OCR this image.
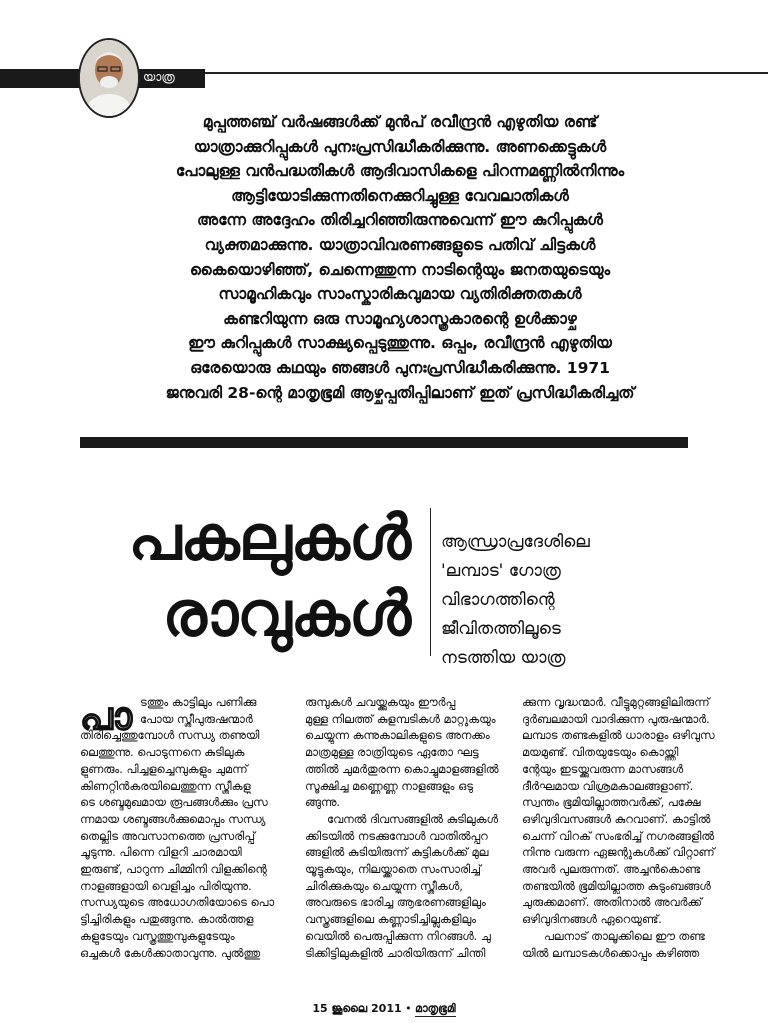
യാത്ര
മുപ്പത്തഞ്ച് വർഷങ്ങൾക്ക് മുൻപ് രവീന്ദ്രൻ എഴുതിയ രണ്ട്
യാത്രാക്കുറിപ്പുകൾ പുനഃപ്രസിദ്ധീകരിക്കുന്നു. അണക്കെട്ടുകൾ
പോലുള്ള വൻപദ്ധതികൾ ആദിവാസികളെ പിറന്നമണ്ണിൽനിന്നും
ആട്ടിയോടിക്കുന്നതിനെക്കുറിച്ചുള്ള വേവലാതികൾ
അന്നേ അദ്ദേഹം തിരിച്ചറിഞ്ഞിരുന്നുവെന്ന് ഈ കുറിപ്പുകൾ
വ്യക്തമാക്കുന്നു. യാത്രാവിവരണങ്ങളുടെ പതിവ് ചിട്ടകൾ
കൈയൊഴിഞ്ഞ്, ചെന്നെത്തുന്ന നാടിന്റെയും ജനതയുടെയും
സാമൂഹികവും സാംസ്കാരികവുമായ വ്യതിരിക്തതകൾ
കണ്ടറിയുന്ന ഒരു സാമൂഹ്യശാസ്ത്രകാരന്റെ ഉൾക്കാഴ്ച
ഈ കുറിപ്പുകൾ സാക്ഷ്യപ്പെടുത്തുന്നു. ഒപ്പം, രവീന്ദ്രൻ എഴുതിയ
ഒരേയൊരു കഥയും ഞങ്ങൾ പുനഃപ്രസിദ്ധീകരിക്കുന്നു. 1971
ജനുവരി 28-ന്റെ മാതൃഭൂമി ആഴ്ചപ്പതിപ്പിലാണ് ഇത് പ്രസിദ്ധീകരിച്ചത്
പകലുകൾ
രാവുകൾ
ആന്ധ്രാപ്രദേശിലെ
'ലമ്പാട' ഗോത്ര
വിഭാഗത്തിന്റെ
ജീവിതത്തിലൂടെ
നടത്തിയ യാത്ര
പാ ടത്തും കാട്ടിലും പണിക്കു
പോയ സ്ത്രീപുരുഷന്മാർ
തിരിച്ചെത്തുമ്പോൾ സന്ധ്യ തണുയി
ലെത്തുന്നു. പൊടുന്നനെ കുടിലുക
ളുണരും. പിച്ചളച്ചെമ്പുകളും ചുമന്ന്
കിണറ്റിൻകരയിലെത്തുന്ന സ്ത്രീകളു
ടെ ശബ്ദമുഖമായ രൂപങ്ങൾക്കും പ്രസ
ന്നമായ ശബ്ദങ്ങൾക്കുമൊപ്പം സന്ധ്യ
തെല്ലിട അവസാനത്തെ പ്രസരിപ്പ്
ചൂടുന്നു. പിന്നെ വിളറി ചാരമായി
ഇരുണ്ട്, പാറുന്ന ചിമ്മിനി വിളക്കിന്റെ
നാളങ്ങളായി വെളിച്ചം പിരിയുന്നു.
സന്ധ്യയുടെ അധോഗതിയോടെ പൊ
ട്ടിച്ചിരികളും പതുങ്ങുന്നു. കാൽത്തള
കളുടേയും വസ്ത്രത്തുമ്പുകളുടേയും
ഒച്ചകൾ കേൾക്കാതാവുന്നു. പുൽത്തു
രുമ്പുകൾ ചവയ്ക്കുകയും ഈർപ്പ
മുള്ള നിലത്ത് കുളമ്പടികൾ മാറ്റുകയും
ചെയ്യുന്ന കന്നുകാലികളുടെ അനക്കം
മാത്രമുള്ള രാത്രിയുടെ ഏതോ ഘട്ട
ത്തിൽ ചുമർതുരന്ന കൊച്ചുമാളങ്ങളിൽ
സൂക്ഷിച്ച മണ്ണെണ്ണ നാളങ്ങളും ഒടു
ങ്ങുന്നു.
വേനൽ ദിവസങ്ങളിൽ കുടിലുകൾ
ക്കിടയിൽ നടക്കുമ്പോൾ വാതിൽപ്പുറ
ങ്ങളിൽ കുടിയിരുന്ന് കുട്ടികൾക്ക് മുല
യൂട്ടുകയും, നിലയ്ക്കാതെ സംസാരിച്ച്
ചിരിക്കുകയും ചെയ്യുന്ന സ്ത്രീകൾ,
അവരുടെ ഭാരിച്ച ആഭരണങ്ങളിലും
വസ്ത്രങ്ങളിലെ കണ്ണാടിച്ചില്ലുകളിലും
വെയിൽ പെരുപ്പിക്കുന്ന നിറങ്ങൾ. ചു
ടിക്കിട്ടിലുകളിൽ ചാരിയിരുന്ന് ചിന്തി
ക്കുന്ന വൃദ്ധന്മാർ. വീട്ടുമുറ്റങ്ങളിലിരുന്ന്
ദുർബലമായി വാദിക്കുന്ന പുരുഷന്മാർ.
ലമ്പാട തണ്ടകളിൽ ധാരാളം ഒഴിവുസ
മയമുണ്ട്. വിതയുടേയും കൊയ്ത്തി
ന്റേയും ഇടയ്ക്കുവരുന്ന മാസങ്ങൾ
ദീർഘമായ വിശ്രമകാലങ്ങളാണ്.
സ്വന്തം ഭൂമിയില്ലാത്തവർക്ക്, പക്ഷേ
ഒഴിവുദിവസങ്ങൾ കുറവാണ്. കാട്ടിൽ
ചെന്ന് വിറക് സംഭരിച്ച് നഗരങ്ങളിൽ
നിന്നു വരുന്ന ഏജന്റുകൾക്ക് വിറ്റാണ്
അവർ പുലരുന്നത്. അച്ചൻകൊണ്ട
തണ്ടയിൽ ഭൂമിയില്ലാത്ത കുടുംബങ്ങൾ
ചുരുക്കമാണ്. അതിനാൽ അവർക്ക്
ഒഴിവുദിനങ്ങൾ ഏറെയുണ്ട്.
പലനാട് താലൂക്കിലെ ഈ തണ്ട
യിൽ ലമ്പാടകൾക്കൊപ്പം കഴിഞ്ഞ
15 ജൂലൈ 2011 • മാതൃഭൂമി
